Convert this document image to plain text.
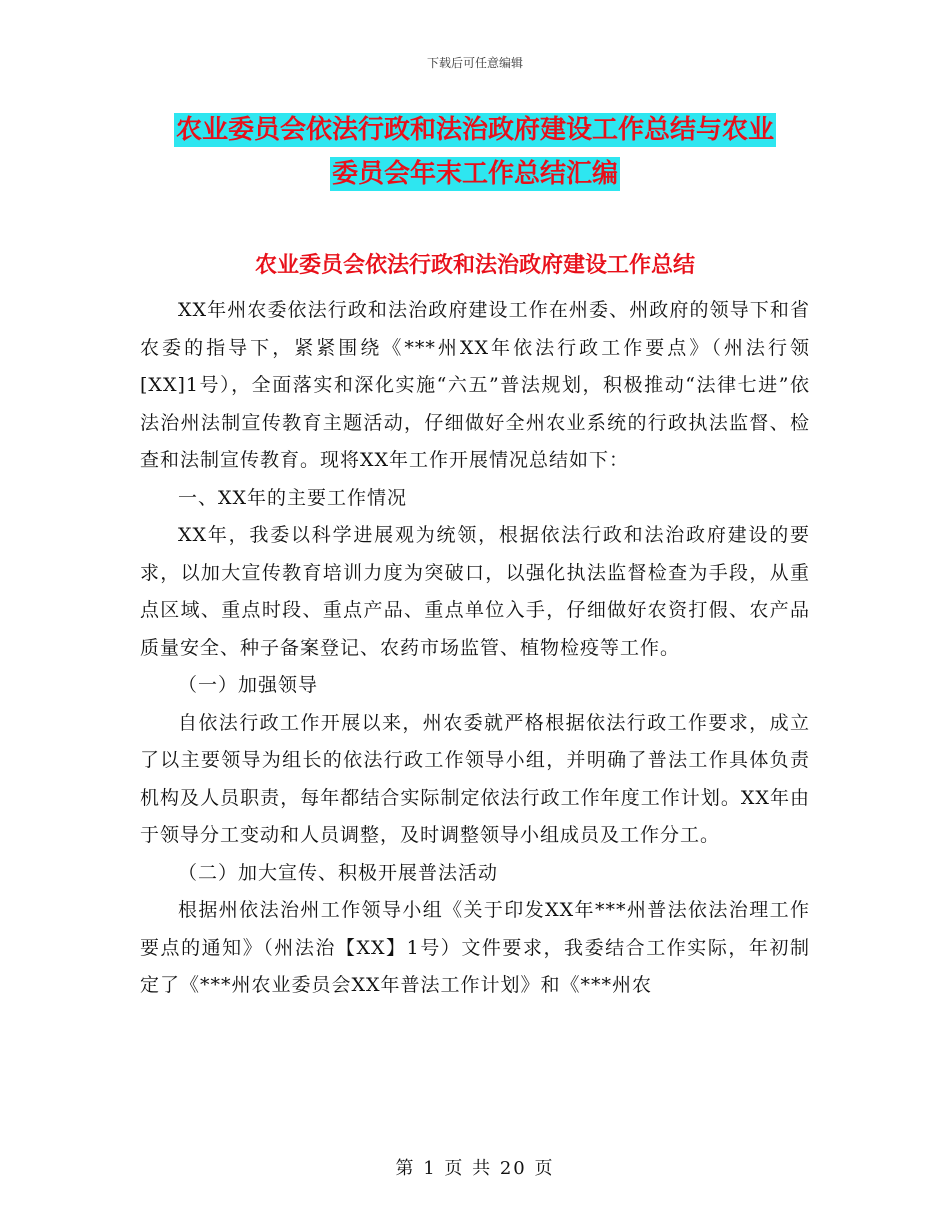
下载后可任意编辑
农业委员会依法行政和法治政府建设工作总结与农业
委员会年末工作总结汇编
农业委员会依法行政和法治政府建设工作总结

XX年州农委依法行政和法治政府建设工作在州委、州政府的领导下和省农委的指导下，紧紧围绕《***州XX年依法行政工作要点》（州法行领[XX]1号），全面落实和深化实施“六五”普法规划，积极推动“法律七进”依法治州法制宣传教育主题活动，仔细做好全州农业系统的行政执法监督、检查和法制宣传教育。现将XX年工作开展情况总结如下：

一、XX年的主要工作情况

XX年，我委以科学进展观为统领，根据依法行政和法治政府建设的要求，以加大宣传教育培训力度为突破口，以强化执法监督检查为手段，从重点区域、重点时段、重点产品、重点单位入手，仔细做好农资打假、农产品质量安全、种子备案登记、农药市场监管、植物检疫等工作。

（一）加强领导

自依法行政工作开展以来，州农委就严格根据依法行政工作要求，成立了以主要领导为组长的依法行政工作领导小组，并明确了普法工作具体负责机构及人员职责，每年都结合实际制定依法行政工作年度工作计划。XX年由于领导分工变动和人员调整，及时调整领导小组成员及工作分工。

（二）加大宣传、积极开展普法活动

根据州依法治州工作领导小组《关于印发XX年***州普法依法治理工作要点的通知》（州法治【XX】1号）文件要求，我委结合工作实际，年初制定了《***州农业委员会XX年普法工作计划》和《***州农

第 1 页 共 20 页
